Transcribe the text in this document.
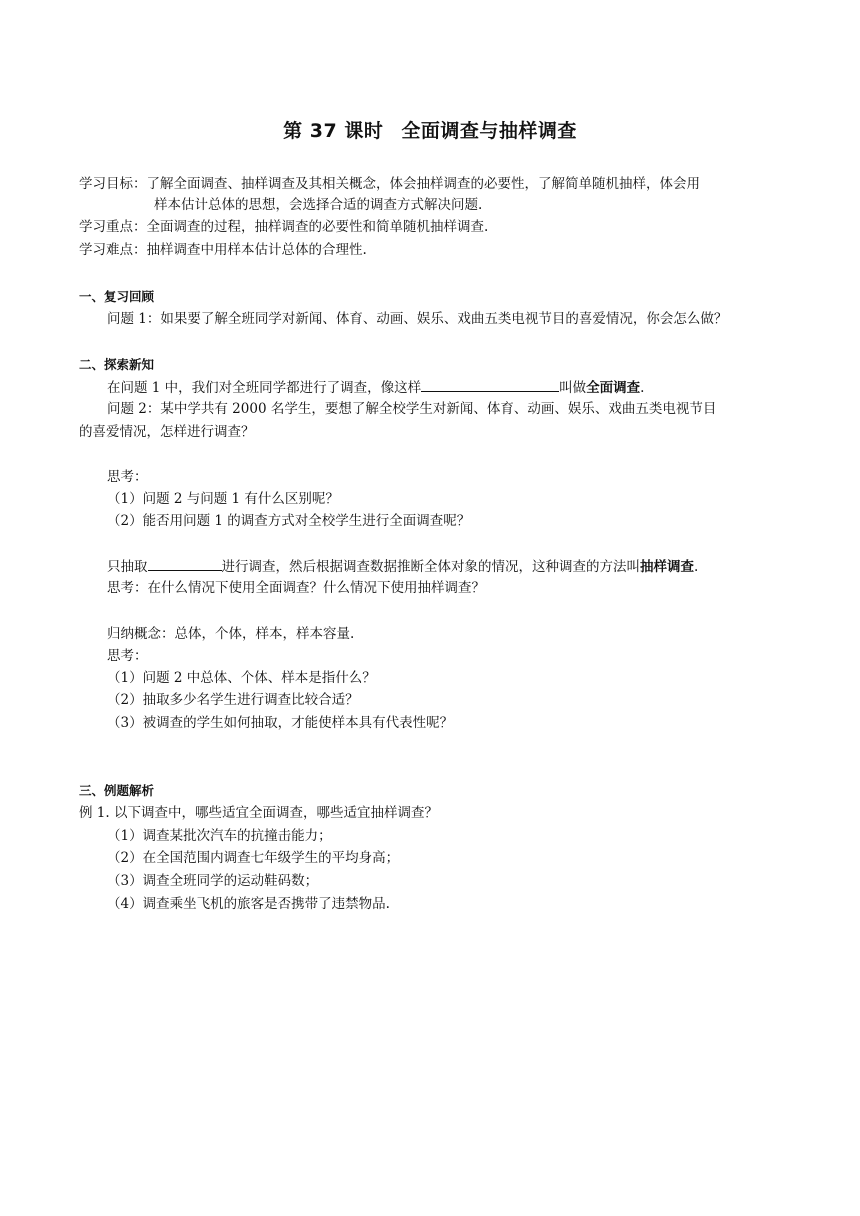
第 37 课时 全面调查与抽样调查
学习目标：了解全面调查、抽样调查及其相关概念，体会抽样调查的必要性，了解简单随机抽样，体会用
样本估计总体的思想，会选择合适的调查方式解决问题.
学习重点：全面调查的过程，抽样调查的必要性和简单随机抽样调查.
学习难点：抽样调查中用样本估计总体的合理性.
一、复习回顾
问题 1：如果要了解全班同学对新闻、体育、动画、娱乐、戏曲五类电视节目的喜爱情况，你会怎么做？
二、探索新知
在问题 1 中，我们对全班同学都进行了调查，像这样	叫做全面调查.
问题 2：某中学共有 2000 名学生，要想了解全校学生对新闻、体育、动画、娱乐、戏曲五类电视节目
的喜爱情况，怎样进行调查？
思考：
（1）问题 2 与问题 1 有什么区别呢？
（2）能否用问题 1 的调查方式对全校学生进行全面调查呢？
只抽取	进行调查，然后根据调查数据推断全体对象的情况，这种调查的方法叫抽样调查.
思考：在什么情况下使用全面调查？什么情况下使用抽样调查？
归纳概念：总体，个体，样本，样本容量.
思考：
（1）问题 2 中总体、个体、样本是指什么？
（2）抽取多少名学生进行调查比较合适？
（3）被调查的学生如何抽取，才能使样本具有代表性呢？
三、例题解析
例 1. 以下调查中，哪些适宜全面调查，哪些适宜抽样调查？
（1）调查某批次汽车的抗撞击能力；
（2）在全国范围内调查七年级学生的平均身高；
（3）调查全班同学的运动鞋码数；
（4）调查乘坐飞机的旅客是否携带了违禁物品.
